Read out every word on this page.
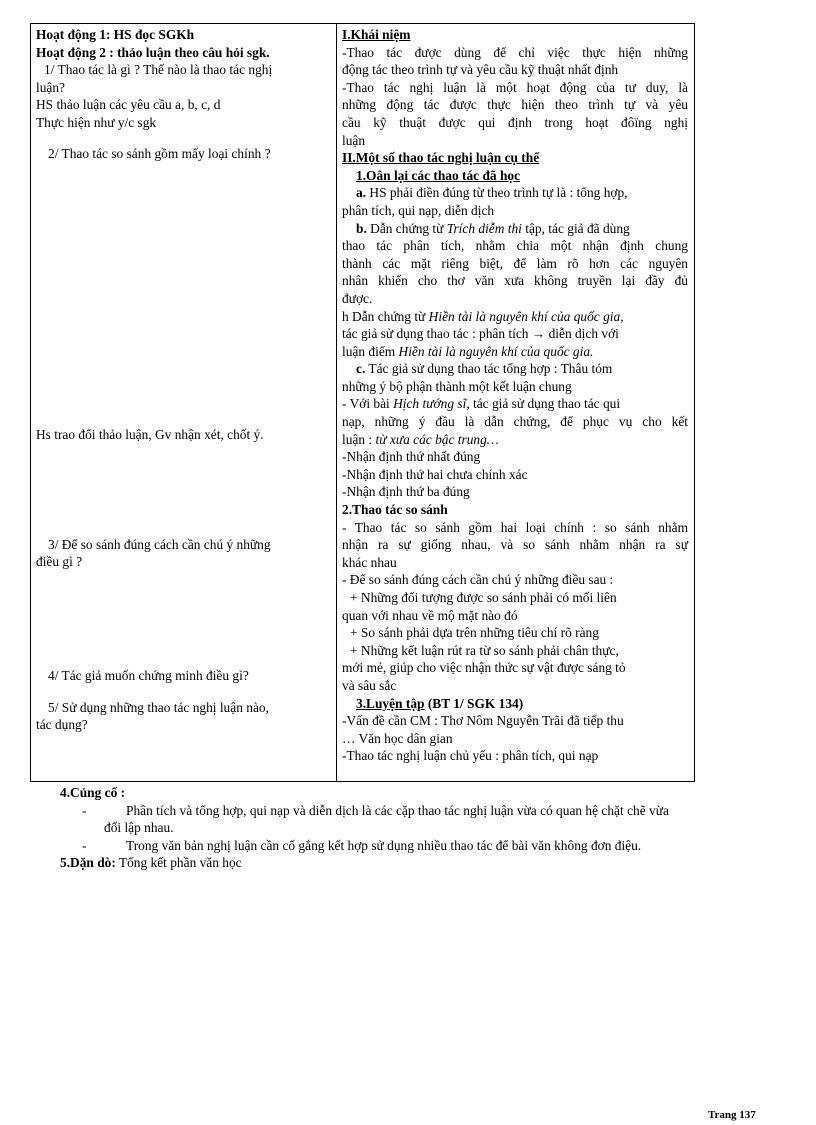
Hoạt động 1: HS đọc SGKh
Hoạt động 2 : thảo luận theo câu hỏi sgk.
1/ Thao tác là gì ? Thế nào là thao tác nghị
luận?
HS thảo luận các yêu cầu a, b, c, d
Thực hiện như y/c sgk
2/ Thao tác so sánh gồm mấy loại chính ?
Hs trao đổi thảo luận, Gv nhận xét, chốt ý.
3/ Để so sánh đúng cách cần chú ý những
điều gì ?
4/ Tác giả muốn chứng minh điều gì?
5/ Sử dụng những thao tác nghị luận nào,
tác dụng?
I.Khái niệm
-Thao tác được dùng để chỉ việc thực hiện những
động tác theo trình tự và yêu cầu kỹ thuật nhất định
-Thao tác nghị luận là một hoạt động của tư duy, là
những động tác được thực hiện theo trình tự và yêu
cầu kỹ thuật được qui định trong hoạt đôïng nghị
luận
II.Một số thao tác nghị luận cụ thể
1.Oân lại các thao tác đã học
a. HS phải điền đúng từ theo trình tự là : tổng hợp,
phân tích, qui nạp, diễn dịch
b. Dẫn chứng từ Trích diễm thi tập, tác giả đã dùng
thao tác phân tích, nhằm chia một nhận định chung
thành các mặt riêng biệt, để làm rõ hơn các nguyên
nhân khiến cho thơ văn xưa không truyền lại đầy đủ
được.
h Dẫn chứng từ Hiền tài là nguyên khí của quốc gia,
tác giả sử dụng thao tác : phân tích → diễn dịch với
luận điểm Hiền tài là nguyên khí của quốc gia.
c. Tác giả sử dụng thao tác tổng hợp : Thâu tóm
những ý bộ phận thành một kết luận chung
- Với bài Hịch tướng sĩ, tác giả sử dụng thao tác qui
nạp, những ý đầu là dẫn chứng, để phục vụ cho kết
luận : từ xưa các bậc trung…
-Nhận định thứ nhất đúng
-Nhận định thứ hai chưa chính xác
-Nhận định thứ ba đúng
2.Thao tác so sánh
- Thao tác so sánh gồm hai loại chính : so sánh nhằm
nhận ra sự giống nhau, và so sánh nhằm nhận ra sự
khác nhau
- Để so sánh đúng cách cần chú ý những điều sau :
+ Những đối tượng được so sánh phải có mối liên
quan với nhau về mộ mặt nào đó
+ So sánh phải dựa trên những tiêu chí rõ ràng
+ Những kết luận rút ra từ so sánh phải chân thực,
mới mẻ, giúp cho việc nhận thức sự vật được sáng tỏ
và sâu sắc
3.Luyện tập (BT 1/ SGK 134)
-Vấn đề cần CM : Thơ Nôm Nguyễn Trãi đã tiếp thu
… Văn học dân gian
-Thao tác nghị luận chủ yếu : phân tích, qui nạp
4.Củng cố :
-	Phân tích và tổng hợp, qui nạp và diễn dịch là các cặp thao tác nghị luận vừa có quan hệ chặt chẽ vừa
đối lập nhau.
-	Trong văn bản nghị luận cần cố gắng kết hợp sử dụng nhiều thao tác để bài văn không đơn điệu.
5.Dặn dò: Tổng kết phần văn học
Trang 137
